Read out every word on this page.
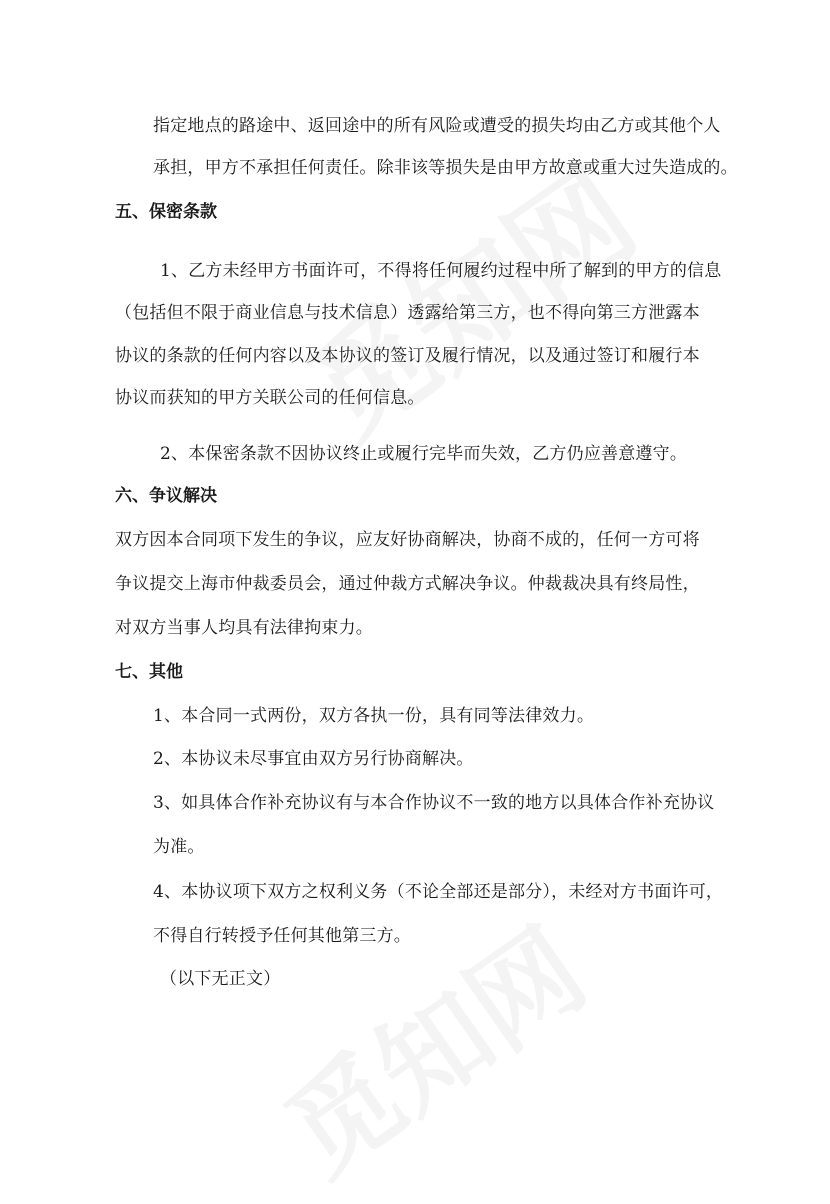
指定地点的路途中、返回途中的所有风险或遭受的损失均由乙方或其他个人
承担，甲方不承担任何责任。除非该等损失是由甲方故意或重大过失造成的。
五、保密条款
1、乙方未经甲方书面许可，不得将任何履约过程中所了解到的甲方的信息
（包括但不限于商业信息与技术信息）透露给第三方，也不得向第三方泄露本
协议的条款的任何内容以及本协议的签订及履行情况，以及通过签订和履行本
协议而获知的甲方关联公司的任何信息。
2、本保密条款不因协议终止或履行完毕而失效，乙方仍应善意遵守。
六、争议解决
双方因本合同项下发生的争议，应友好协商解决，协商不成的，任何一方可将
争议提交上海市仲裁委员会，通过仲裁方式解决争议。仲裁裁决具有终局性，
对双方当事人均具有法律拘束力。
七、其他
1、本合同一式两份，双方各执一份，具有同等法律效力。
2、本协议未尽事宜由双方另行协商解决。
3、如具体合作补充协议有与本合作协议不一致的地方以具体合作补充协议
为准。
4、本协议项下双方之权利义务（不论全部还是部分），未经对方书面许可，
不得自行转授予任何其他第三方。
（以下无正文）
